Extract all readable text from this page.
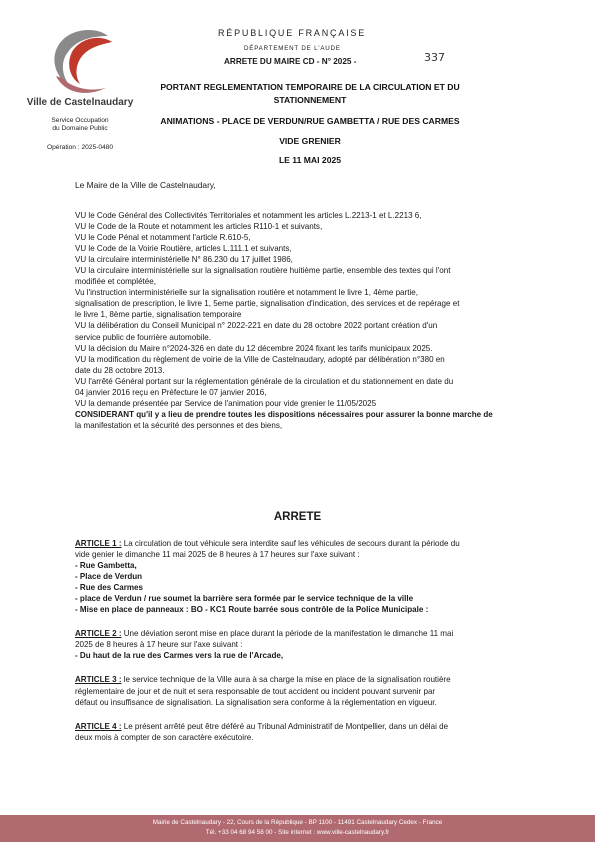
Ville de Castelnaudary
Service Occupation
du Domaine Public
Opération : 2025-0480
RÉPUBLIQUE FRANÇAISE
DÉPARTEMENT DE L'AUDE
ARRETE DU MAIRE CD - N° 2025 -	337
PORTANT REGLEMENTATION TEMPORAIRE DE LA CIRCULATION ET DU
STATIONNEMENT
ANIMATIONS - PLACE DE VERDUN/RUE GAMBETTA / RUE DES CARMES
VIDE GRENIER
LE 11 MAI 2025
Le Maire de la Ville de Castelnaudary,

VU le Code Général des Collectivités Territoriales et notamment les articles L.2213-1 et L.2213 6,

VU le Code de la Route et notamment les articles R110-1 et suivants,

VU le Code Pénal et notamment l'article R.610-5,

VU le Code de la Voirie Routière, articles L.111.1 et suivants,

VU la circulaire interministérielle N° 86.230 du 17 juillet 1986,

VU la circulaire interministérielle sur la signalisation routière huitième partie, ensemble des textes qui l'ont

modifiée et complétée,

Vu l'instruction interministérielle sur la signalisation routière et notamment le livre 1, 4ème partie,

signalisation de prescription, le livre 1, 5eme partie, signalisation d'indication, des services et de repérage et

le livre 1, 8ème partie, signalisation temporaire

VU la délibération du Conseil Municipal n° 2022-221 en date du 28 octobre 2022 portant création d'un

service public de fourrière automobile.

VU la décision du Maire n°2024-326 en date du 12 décembre 2024 fixant les tarifs municipaux 2025.

VU la modification du règlement de voirie de la Ville de Castelnaudary, adopté par délibération n°380 en

date du 28 octobre 2013.

VU l'arrêté Général portant sur la réglementation générale de la circulation et du stationnement en date du

04 janvier 2016 reçu en Préfecture le 07 janvier 2016,

VU la demande présentée par Service de l'animation pour vide grenier le 11/05/2025

CONSIDERANT qu'il y a lieu de prendre toutes les dispositions nécessaires pour assurer la bonne marche de

la manifestation et la sécurité des personnes et des biens,

ARRETE

ARTICLE 1 : La circulation de tout véhicule sera interdite sauf les véhicules de secours durant la période du

vide genier le dimanche 11 mai 2025 de 8 heures à 17 heures sur l'axe suivant :

- Rue Gambetta,

- Place de Verdun

- Rue des Carmes

- place de Verdun / rue soumet la barrière sera formée par le service technique de la ville

- Mise en place de panneaux : BO - KC1 Route barrée sous contrôle de la Police Municipale :

ARTICLE 2 : Une déviation seront mise en place durant la période de la manifestation le dimanche 11 mai

2025 de 8 heures à 17 heure sur l'axe suivant :

- Du haut de la rue des Carmes vers la rue de l'Arcade,

ARTICLE 3 : le service technique de la Ville aura à sa charge la mise en place de la signalisation routière

réglementaire de jour et de nuit et sera responsable de tout accident ou incident pouvant survenir par

défaut ou insuffisance de signalisation. La signalisation sera conforme à la réglementation en vigueur.

ARTICLE 4 : Le présent arrêté peut être déféré au Tribunal Administratif de Montpellier, dans un délai de

deux mois à compter de son caractère exécutoire.

Mairie de Castelnaudary - 22, Cours de la République - BP 1100 - 11491 Castelnaudary Cedex - France
Tél. +33 04 68 94 58 00 - Site internet : www.ville-castelnaudary.fr
